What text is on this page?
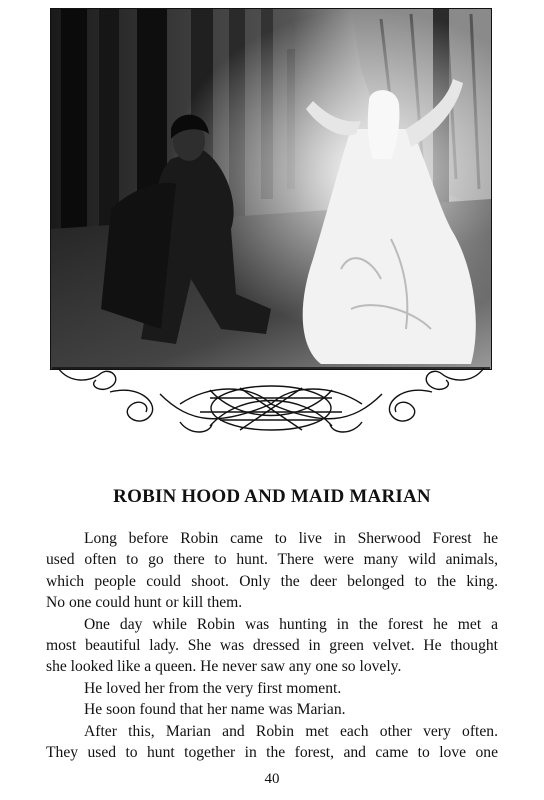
ROBIN HOOD AND MAID MARIAN
Long before Robin came to live in Sherwood Forest he
used often to go there to hunt. There were many wild animals,
which people could shoot. Only the deer belonged to the king.
No one could hunt or kill them.
One day while Robin was hunting in the forest he met a
most beautiful lady. She was dressed in green velvet. He thought
she looked like a queen. He never saw any one so lovely.
He loved her from the very first moment.
He soon found that her name was Marian.
After this, Marian and Robin met each other very often.
They used to hunt together in the forest, and came to love one
40
